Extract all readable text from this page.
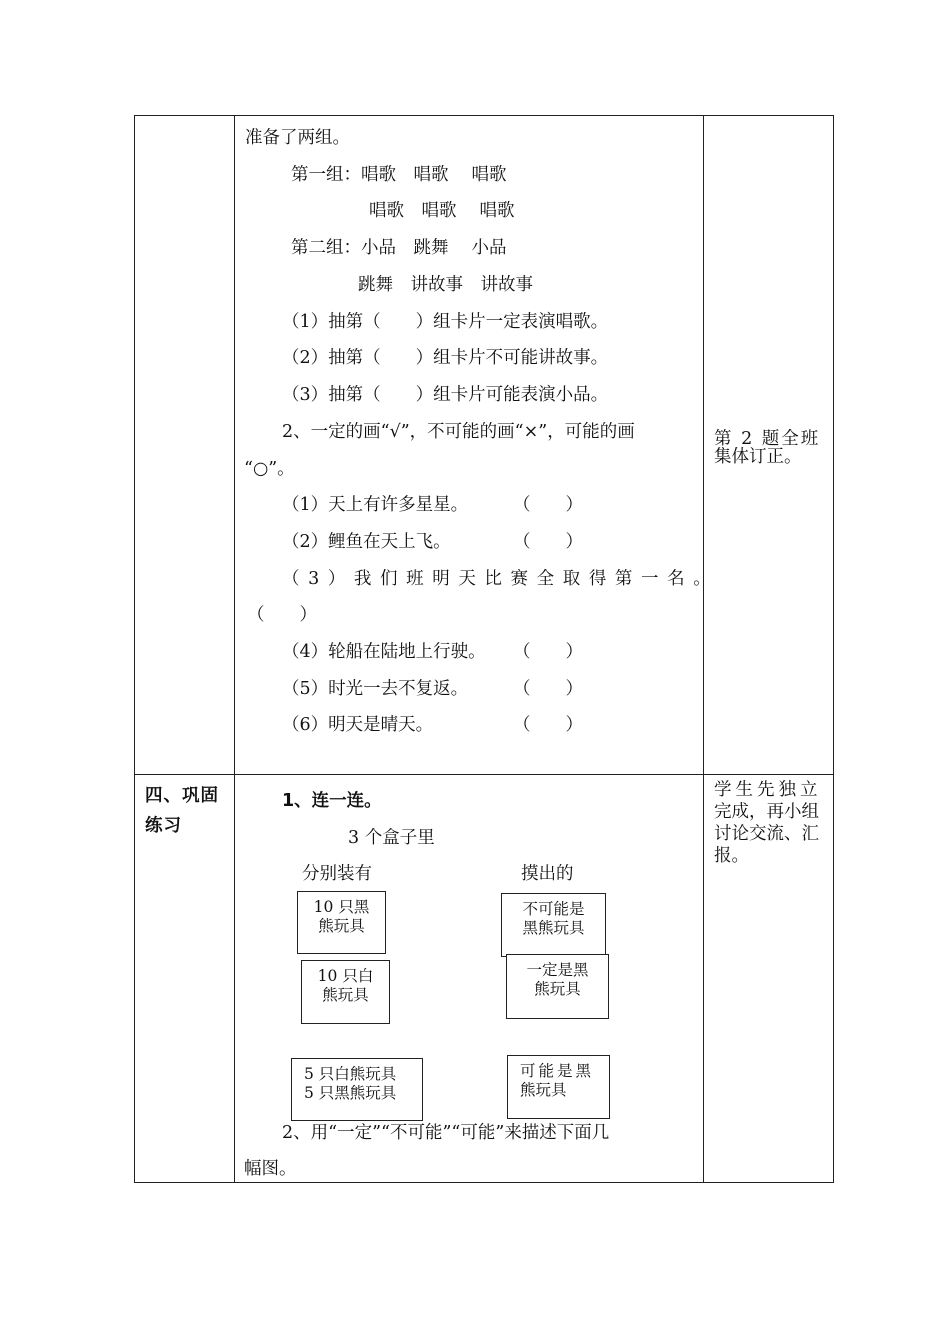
准备了两组。
第一组：唱歌　唱歌　 唱歌
唱歌　唱歌　 唱歌
第二组：小品　跳舞　 小品
跳舞　讲故事　讲故事
（1）抽第（　　）组卡片一定表演唱歌。
（2）抽第（　　）组卡片不可能讲故事。
（3）抽第（　　）组卡片可能表演小品。
2、一定的画“√”，不可能的画“×”，可能的画
“○”。
（1）天上有许多星星。	（　　）
（2）鲤鱼在天上飞。	（　　）
（3）我们班明天比赛全取得第一名。
（　　）
（4）轮船在陆地上行驶。 （　　）
（5）时光一去不复返。	（　　）
（6）明天是晴天。	（　　）
第 2 题全班
集体订正。
四、巩固
练习
1、连一连。
3 个盒子里
分别装有	摸出的
10 只黑
熊玩具
10 只白
熊玩具
5 只白熊玩具
5 只黑熊玩具
不可能是
黑熊玩具
一定是黑
熊玩具
可能是黑
熊玩具
2、用“一定”“不可能”“可能”来描述下面几
幅图。
学生先独立
完成，再小组
讨论交流、汇
报。
